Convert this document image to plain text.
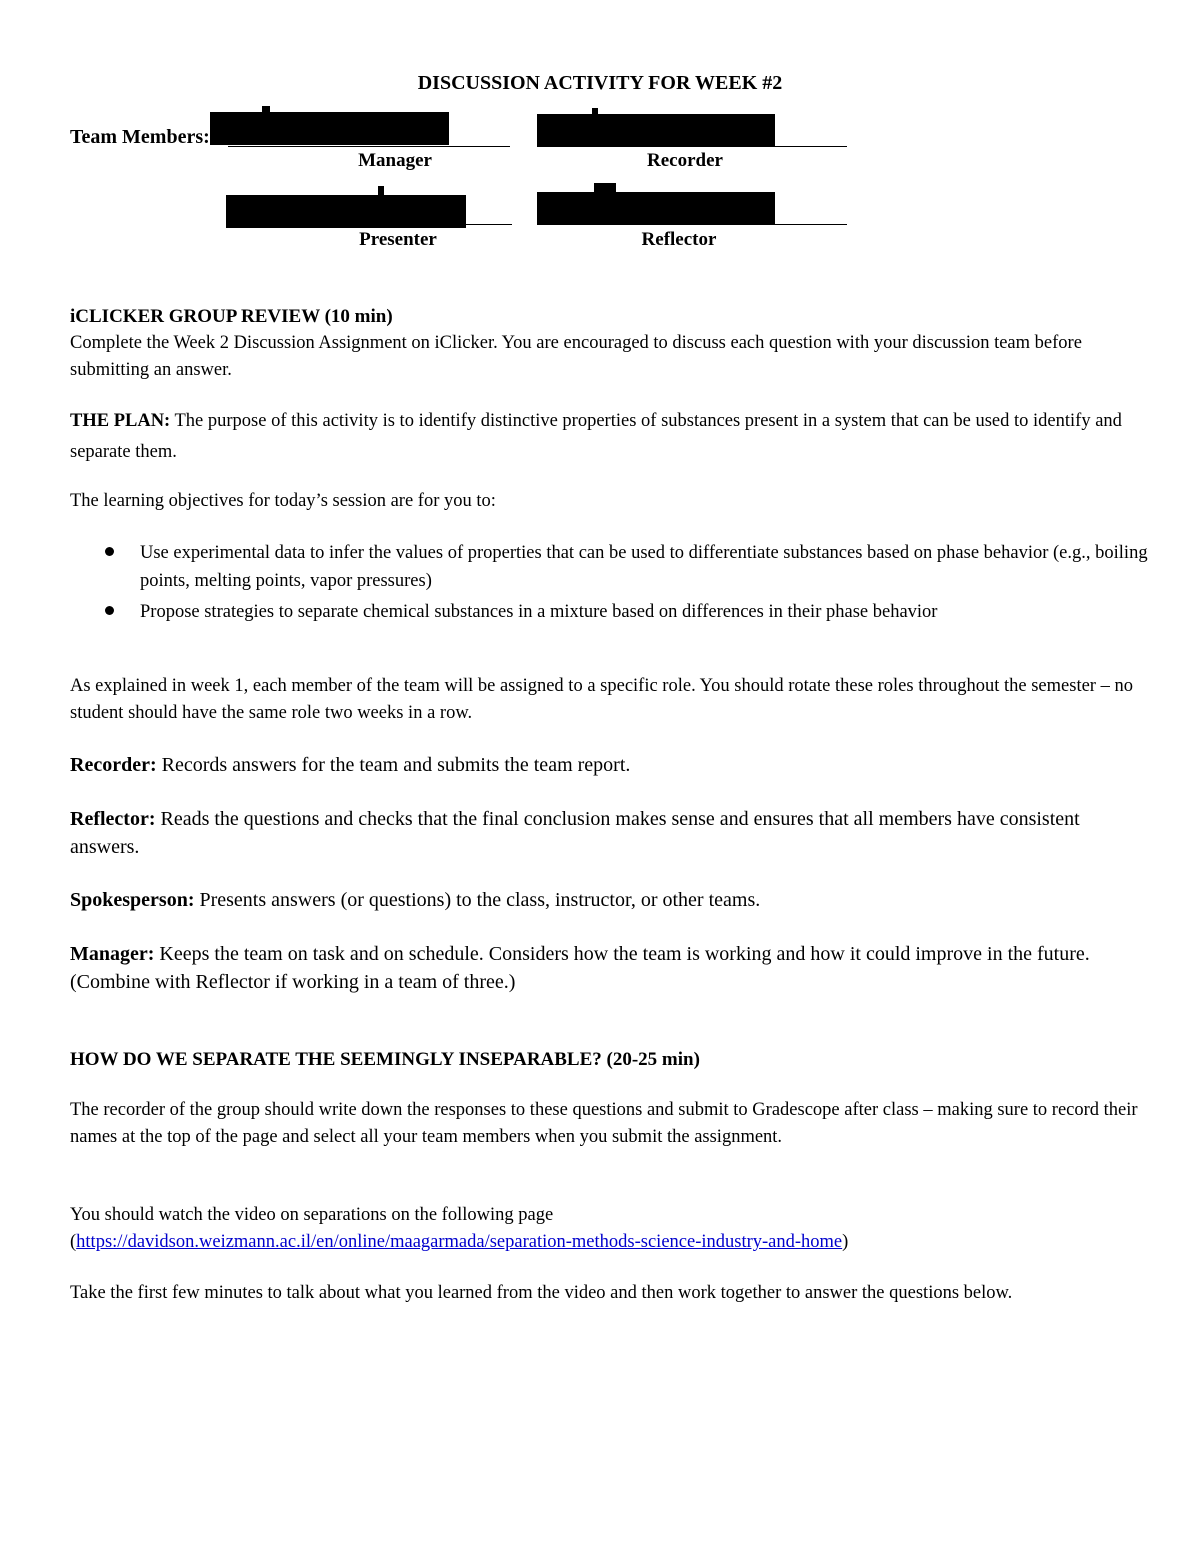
DISCUSSION ACTIVITY FOR WEEK #2
Team Members:
Manager	Recorder
Presenter	Reflector
iCLICKER GROUP REVIEW (10 min)
Complete the Week 2 Discussion Assignment on iClicker. You are encouraged to discuss each question with your discussion team before submitting an answer.
THE PLAN: The purpose of this activity is to identify distinctive properties of substances present in a system that can be used to identify and separate them.
The learning objectives for today’s session are for you to:
Use experimental data to infer the values of properties that can be used to differentiate substances based on phase behavior (e.g., boiling points, melting points, vapor pressures)
Propose strategies to separate chemical substances in a mixture based on differences in their phase behavior
As explained in week 1, each member of the team will be assigned to a specific role. You should rotate these roles throughout the semester – no student should have the same role two weeks in a row.
Recorder: Records answers for the team and submits the team report.
Reflector: Reads the questions and checks that the final conclusion makes sense and ensures that all members have consistent answers.
Spokesperson: Presents answers (or questions) to the class, instructor, or other teams.
Manager: Keeps the team on task and on schedule. Considers how the team is working and how it could improve in the future. (Combine with Reflector if working in a team of three.)
HOW DO WE SEPARATE THE SEEMINGLY INSEPARABLE? (20-25 min)
The recorder of the group should write down the responses to these questions and submit to Gradescope after class – making sure to record their names at the top of the page and select all your team members when you submit the assignment.
You should watch the video on separations on the following page
(https://davidson.weizmann.ac.il/en/online/maagarmada/separation-methods-science-industry-and-home)
Take the first few minutes to talk about what you learned from the video and then work together to answer the questions below.
